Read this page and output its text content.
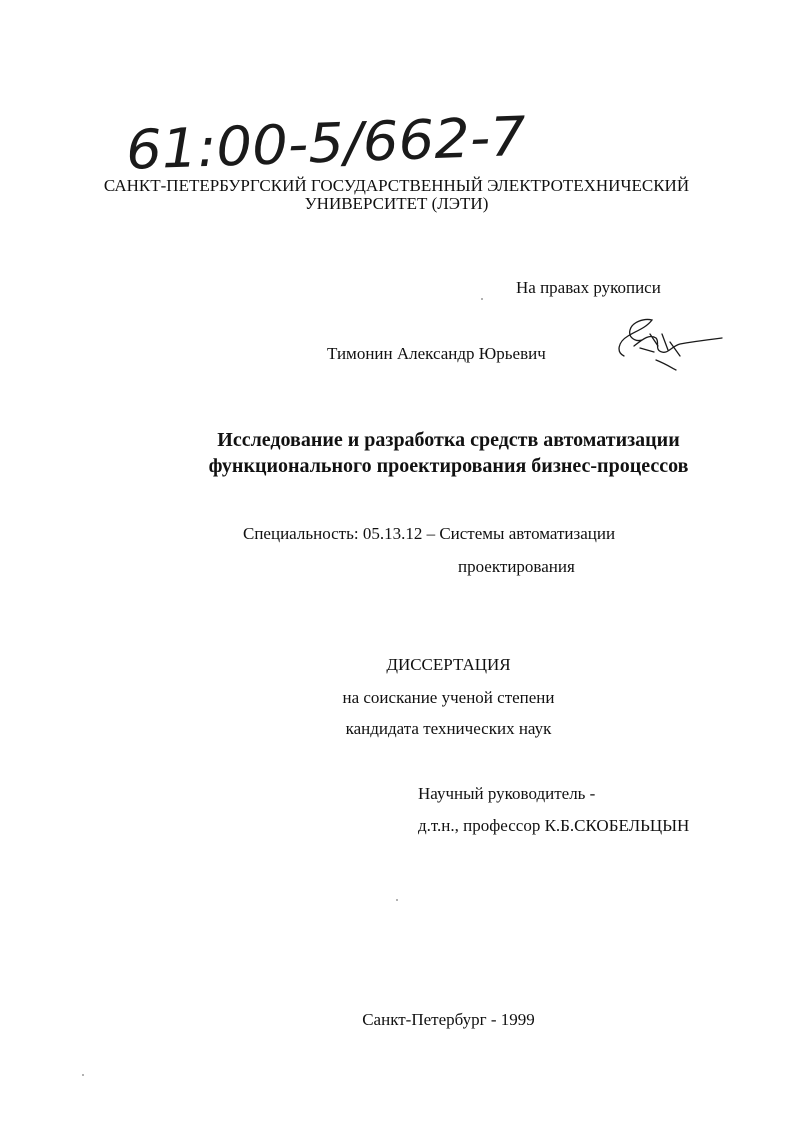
61:00-5/662-7
САНКТ-ПЕТЕРБУРГСКИЙ ГОСУДАРСТВЕННЫЙ ЭЛЕКТРОТЕХНИЧЕСКИЙ
УНИВЕРСИТЕТ (ЛЭТИ)
На правах рукописи
Тимонин Александр Юрьевич
Исследование и разработка средств автоматизации
функционального проектирования бизнес-процессов
Специальность: 05.13.12 – Системы автоматизации
проектирования
ДИССЕРТАЦИЯ
на соискание ученой степени
кандидата технических наук
Научный руководитель -
д.т.н., профессор К.Б.СКОБЕЛЬЦЫН
Санкт-Петербург - 1999
